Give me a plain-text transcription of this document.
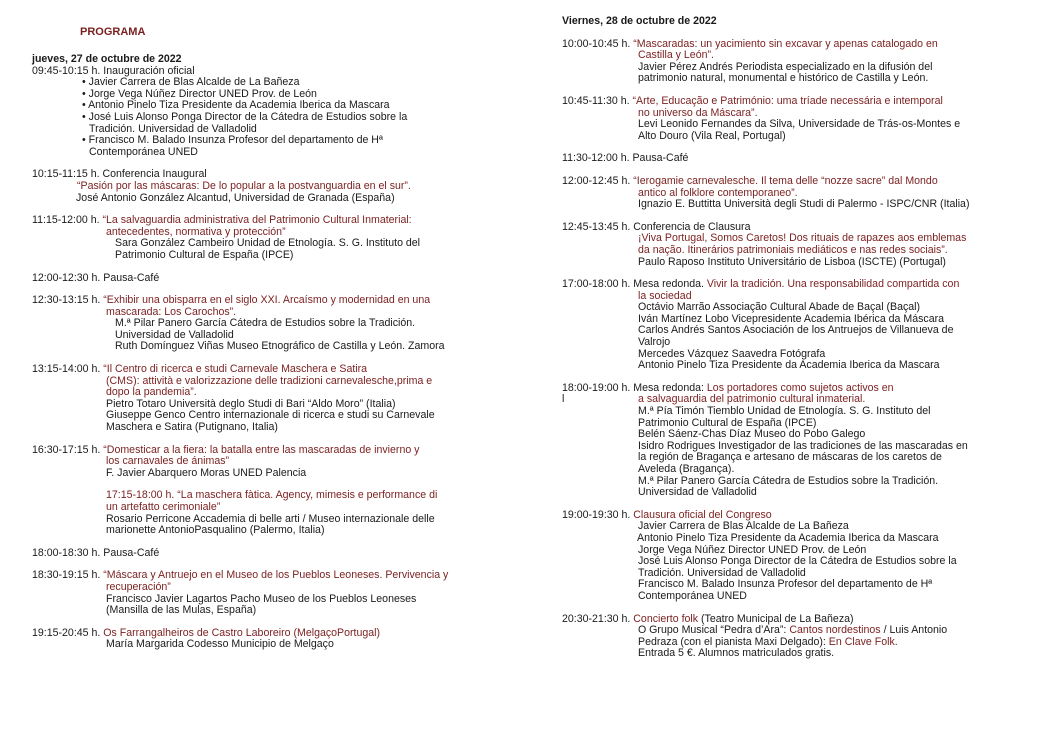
PROGRAMA
jueves, 27 de octubre de 2022
09:45-10:15 h. Inauguración oficial
• Javier Carrera de Blas Alcalde de La Bañeza
• Jorge Vega Núñez Director UNED Prov. de León
• Antonio Pinelo Tiza Presidente da Academia Iberica da Mascara
• José Luis Alonso Ponga Director de la Cátedra de Estudios sobre la
Tradición. Universidad de Valladolid
• Francisco M. Balado Insunza Profesor del departamento de Hª
Contemporánea UNED
10:15-11:15 h. Conferencia Inaugural
“Pasión por las máscaras: De lo popular a la postvanguardia en el sur”.
José Antonio González Alcantud, Universidad de Granada (España)
11:15-12:00 h. “La salvaguardia administrativa del Patrimonio Cultural Inmaterial:
antecedentes, normativa y protección”
Sara González Cambeiro Unidad de Etnología. S. G. Instituto del
Patrimonio Cultural de España (IPCE)
12:00-12:30 h. Pausa-Café
12:30-13:15 h. “Exhibir una obisparra en el siglo XXI. Arcaísmo y modernidad en una
mascarada: Los Carochos”.
M.ª Pilar Panero García Cátedra de Estudios sobre la Tradición.
Universidad de Valladolid
Ruth Domínguez Viñas Museo Etnográfico de Castilla y León. Zamora
13:15-14:00 h. “Il Centro di ricerca e studi Carnevale Maschera e Satira
(CMS): attività e valorizzazione delle tradizioni carnevalesche,prima e
dopo la pandemia”.
Pietro Totaro Università deglo Studi di Bari “Aldo Moro” (Italia)
Giuseppe Genco Centro internazionale di ricerca e studi su Carnevale
Maschera e Satira (Putignano, Italia)
16:30-17:15 h. “Domesticar a la fiera: la batalla entre las mascaradas de invierno y
los carnavales de ánimas”
F. Javier Abarquero Moras UNED Palencia
17:15-18:00 h. “La maschera fàtica. Agency, mimesis e performance di
un artefatto cerimoniale”
Rosario Perricone Accademia di belle arti / Museo internazionale delle
marionette AntonioPasqualino (Palermo, Italia)
18:00-18:30 h. Pausa-Café
18:30-19:15 h. “Máscara y Antruejo en el Museo de los Pueblos Leoneses. Pervivencia y
recuperación”
Francisco Javier Lagartos Pacho Museo de los Pueblos Leoneses
(Mansilla de las Mulas, España)
19:15-20:45 h. Os Farrangalheiros de Castro Laboreiro (MelgaçoPortugal)
María Margarida Codesso Municipio de Melgaço
Viernes, 28 de octubre de 2022
10:00-10:45 h. “Mascaradas: un yacimiento sin excavar y apenas catalogado en
Castilla y León”.
Javier Pérez Andrés Periodista especializado en la difusión del
patrimonio natural, monumental e histórico de Castilla y León.
10:45-11:30 h. “Arte, Educação e Património: uma tríade necessária e intemporal
no universo da Máscara”.
Levi Leonido Fernandes da Silva, Universidade de Trás-os-Montes e
Alto Douro (Vila Real, Portugal)
11:30-12:00 h. Pausa-Café
12:00-12:45 h. “Ierogamie carnevalesche. Il tema delle “nozze sacre” dal Mondo
antico al folklore contemporaneo”.
Ignazio E. Buttitta Università degli Studi di Palermo - ISPC/CNR (Italia)
12:45-13:45 h. Conferencia de Clausura
¡Viva Portugal, Somos Caretos! Dos rituais de rapazes aos emblemas
da nação. Itinerários patrimoniais mediáticos e nas redes sociais”.
Paulo Raposo Instituto Universitário de Lisboa (ISCTE) (Portugal)
17:00-18:00 h. Mesa redonda. Vivir la tradición. Una responsabilidad compartida con
la sociedad
Octávio Marrão Associação Cultural Abade de Baçal (Baçal)
Iván Martínez Lobo Vicepresidente Academia Ibérica da Máscara
Carlos Andrés Santos Asociación de los Antruejos de Villanueva de
Valrojo
Mercedes Vázquez Saavedra Fotógrafa
Antonio Pinelo Tiza Presidente da Academia Iberica da Mascara
18:00-19:00 h. Mesa redonda: Los portadores como sujetos activos en
l	a salvaguardia del patrimonio cultural inmaterial.
M.ª Pía Timón Tiemblo Unidad de Etnología. S. G. Instituto del
Patrimonio Cultural de España (IPCE)
Belén Sáenz-Chas Díaz Museo do Pobo Galego
Isidro Rodrigues Investigador de las tradiciones de las mascaradas en
la región de Bragança e artesano de máscaras de los caretos de
Aveleda (Bragança).
M.ª Pilar Panero García Cátedra de Estudios sobre la Tradición.
Universidad de Valladolid
19:00-19:30 h. Clausura oficial del Congreso
Javier Carrera de Blas Alcalde de La Bañeza
Antonio Pinelo Tiza Presidente da Academia Iberica da Mascara
Jorge Vega Núñez Director UNED Prov. de León
José Luis Alonso Ponga Director de la Cátedra de Estudios sobre la
Tradición. Universidad de Valladolid
Francisco M. Balado Insunza Profesor del departamento de Hª
Contemporánea UNED
20:30-21:30 h. Concierto folk (Teatro Municipal de La Bañeza)
O Grupo Musical “Pedra d’Ara”: Cantos nordestinos / Luis Antonio
Pedraza (con el pianista Maxi Delgado): En Clave Folk.
Entrada 5 €. Alumnos matriculados gratis.
